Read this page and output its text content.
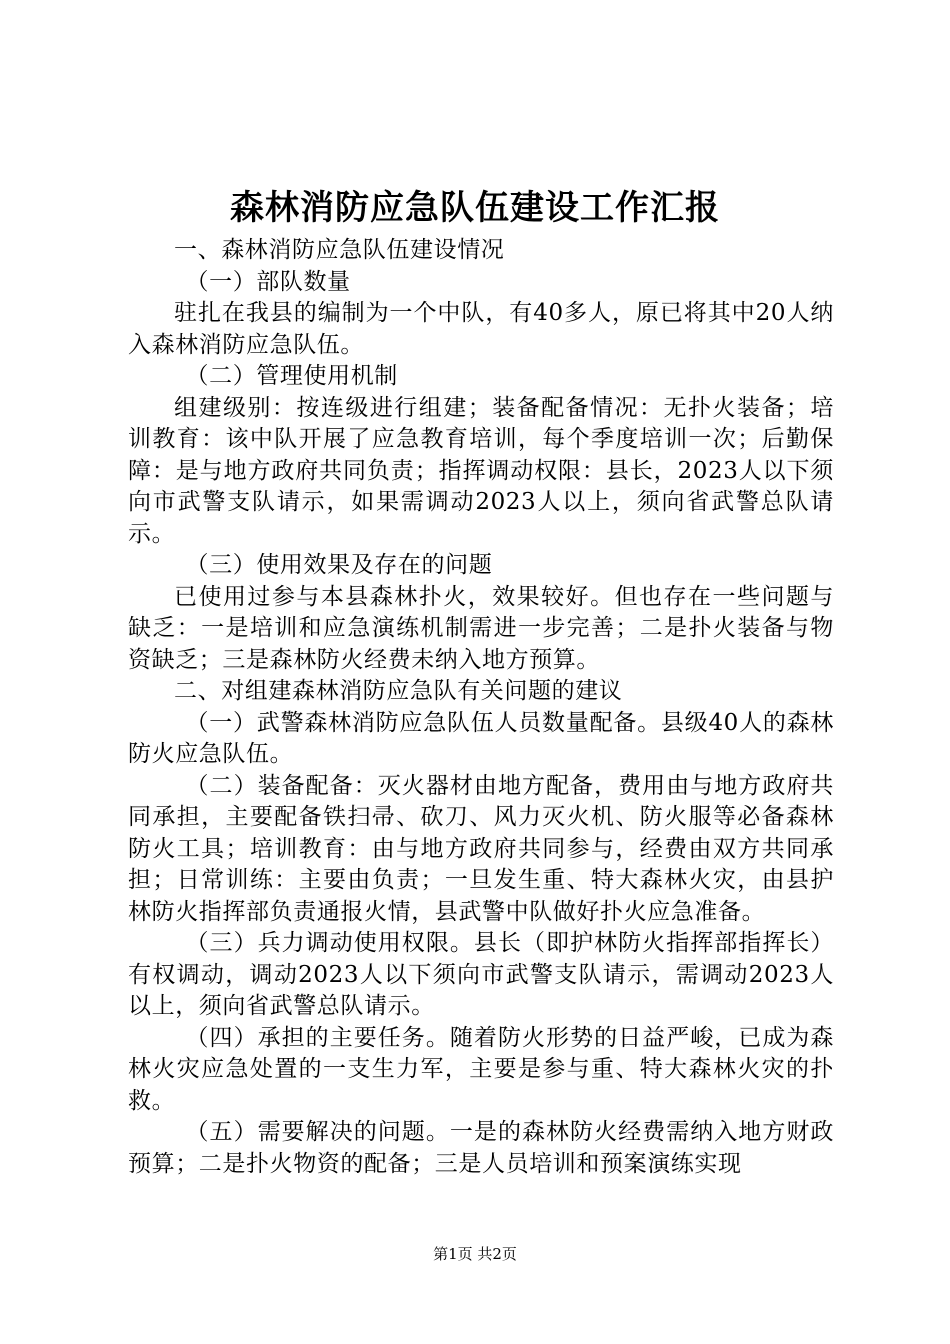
森林消防应急队伍建设工作汇报

一、森林消防应急队伍建设情况

（一）部队数量

驻扎在我县的编制为一个中队，有40多人，原已将其中20人纳入森林消防应急队伍。

（二）管理使用机制

组建级别：按连级进行组建；装备配备情况：无扑火装备；培训教育：该中队开展了应急教育培训，每个季度培训一次；后勤保障：是与地方政府共同负责；指挥调动权限：县长，2023人以下须向市武警支队请示，如果需调动2023人以上，须向省武警总队请示。

（三）使用效果及存在的问题

已使用过参与本县森林扑火，效果较好。但也存在一些问题与缺乏：一是培训和应急演练机制需进一步完善；二是扑火装备与物资缺乏；三是森林防火经费未纳入地方预算。

二、对组建森林消防应急队有关问题的建议

（一）武警森林消防应急队伍人员数量配备。县级40人的森林防火应急队伍。

（二）装备配备：灭火器材由地方配备，费用由与地方政府共同承担，主要配备铁扫帚、砍刀、风力灭火机、防火服等必备森林防火工具；培训教育：由与地方政府共同参与，经费由双方共同承担；日常训练：主要由负责；一旦发生重、特大森林火灾，由县护林防火指挥部负责通报火情，县武警中队做好扑火应急准备。

（三）兵力调动使用权限。县长（即护林防火指挥部指挥长）有权调动，调动2023人以下须向市武警支队请示，需调动2023人以上，须向省武警总队请示。

（四）承担的主要任务。随着防火形势的日益严峻，已成为森林火灾应急处置的一支生力军，主要是参与重、特大森林火灾的扑救。

（五）需要解决的问题。一是的森林防火经费需纳入地方财政预算；二是扑火物资的配备；三是人员培训和预案演练实现

第1页 共2页
